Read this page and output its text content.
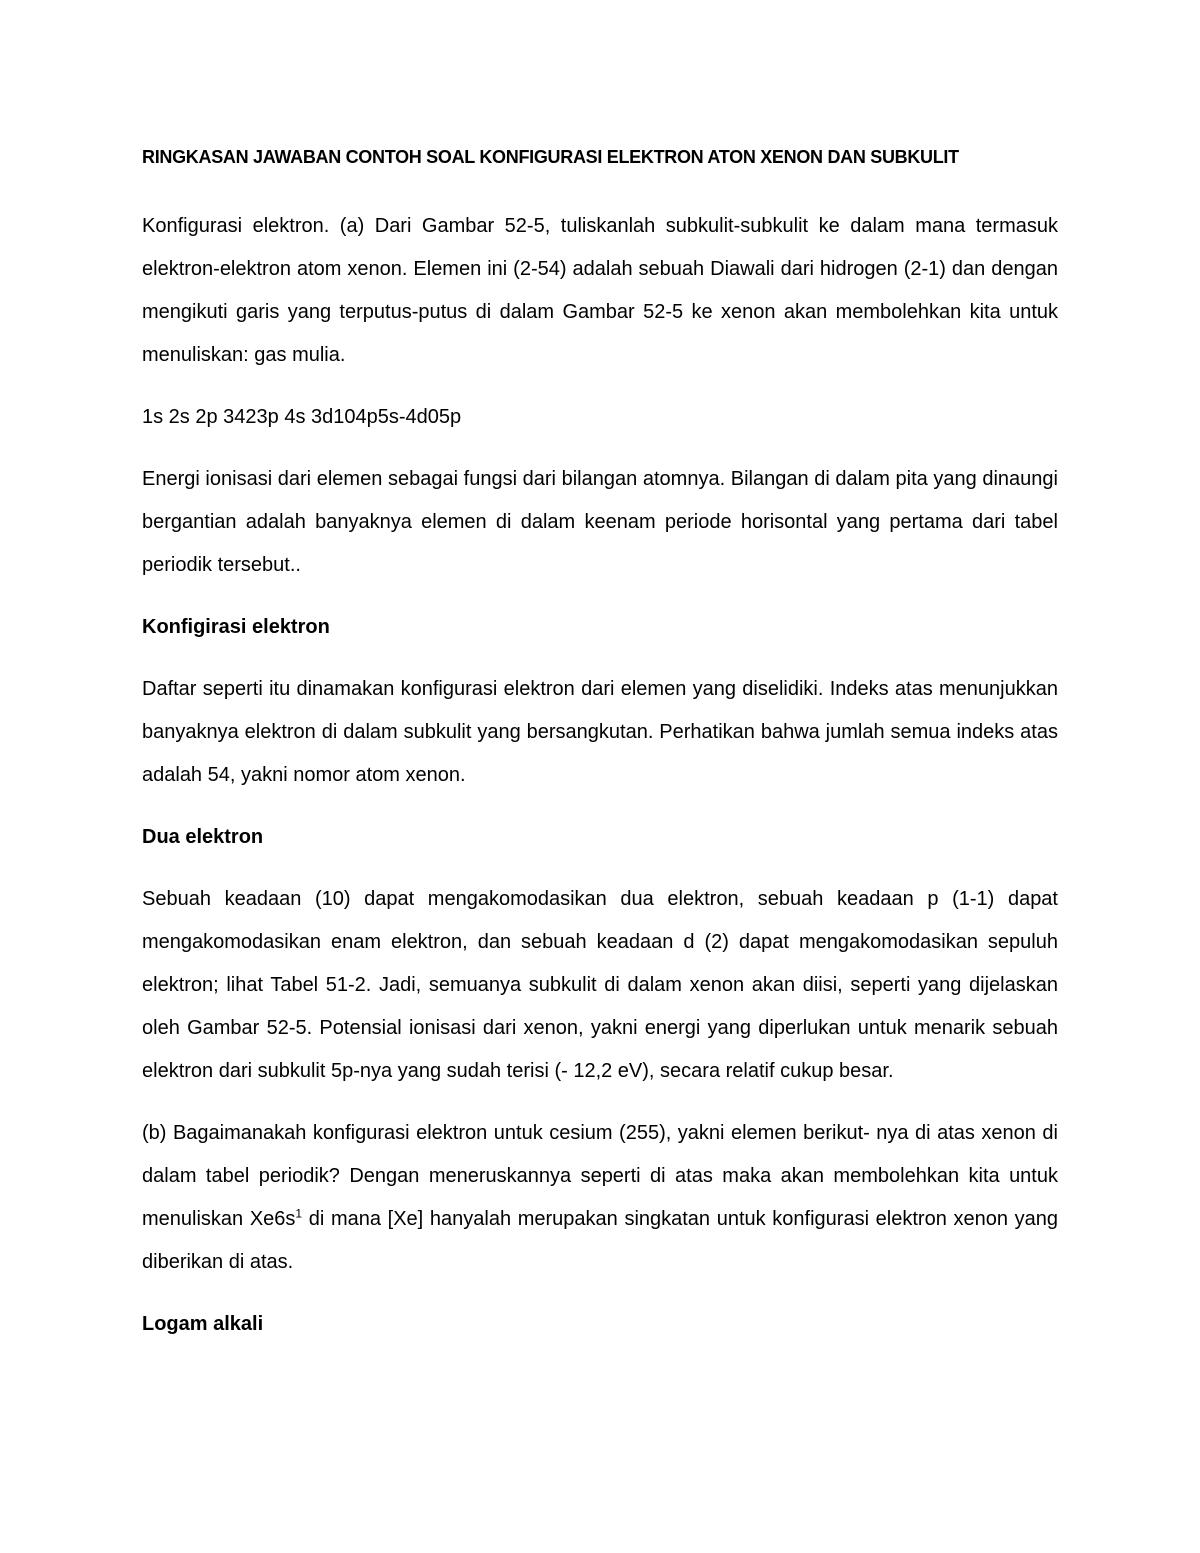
RINGKASAN JAWABAN CONTOH SOAL KONFIGURASI ELEKTRON ATON XENON DAN SUBKULIT

Konfigurasi elektron. (a) Dari Gambar 52-5, tuliskanlah subkulit-subkulit ke dalam mana termasuk elektron-elektron atom xenon. Elemen ini (2-54) adalah sebuah Diawali dari hidrogen (2-1) dan dengan mengikuti garis yang terputus-putus di dalam Gambar 52-5 ke xenon akan membolehkan kita untuk menuliskan: gas mulia.

1s 2s 2p 3423p 4s 3d104p5s-4d05p

Energi ionisasi dari elemen sebagai fungsi dari bilangan atomnya. Bilangan di dalam pita yang dinaungi bergantian adalah banyaknya elemen di dalam keenam periode horisontal yang pertama dari tabel periodik tersebut..

Konfigirasi elektron

Daftar seperti itu dinamakan konfigurasi elektron dari elemen yang diselidiki. Indeks atas menunjukkan banyaknya elektron di dalam subkulit yang bersangkutan. Perhatikan bahwa jumlah semua indeks atas adalah 54, yakni nomor atom xenon.

Dua elektron

Sebuah keadaan (10) dapat mengakomodasikan dua elektron, sebuah keadaan p (1-1) dapat mengakomodasikan enam elektron, dan sebuah keadaan d (2) dapat mengakomodasikan sepuluh elektron; lihat Tabel 51-2. Jadi, semuanya subkulit di dalam xenon akan diisi, seperti yang dijelaskan oleh Gambar 52-5. Potensial ionisasi dari xenon, yakni energi yang diperlukan untuk menarik sebuah elektron dari subkulit 5p-nya yang sudah terisi (- 12,2 eV), secara relatif cukup besar.

(b) Bagaimanakah konfigurasi elektron untuk cesium (255), yakni elemen berikut- nya di atas xenon di dalam tabel periodik? Dengan meneruskannya seperti di atas maka akan membolehkan kita untuk menuliskan $Xe6s^1$ di mana [Xe] hanyalah merupakan singkatan untuk konfigurasi elektron xenon yang diberikan di atas.

Logam alkali
